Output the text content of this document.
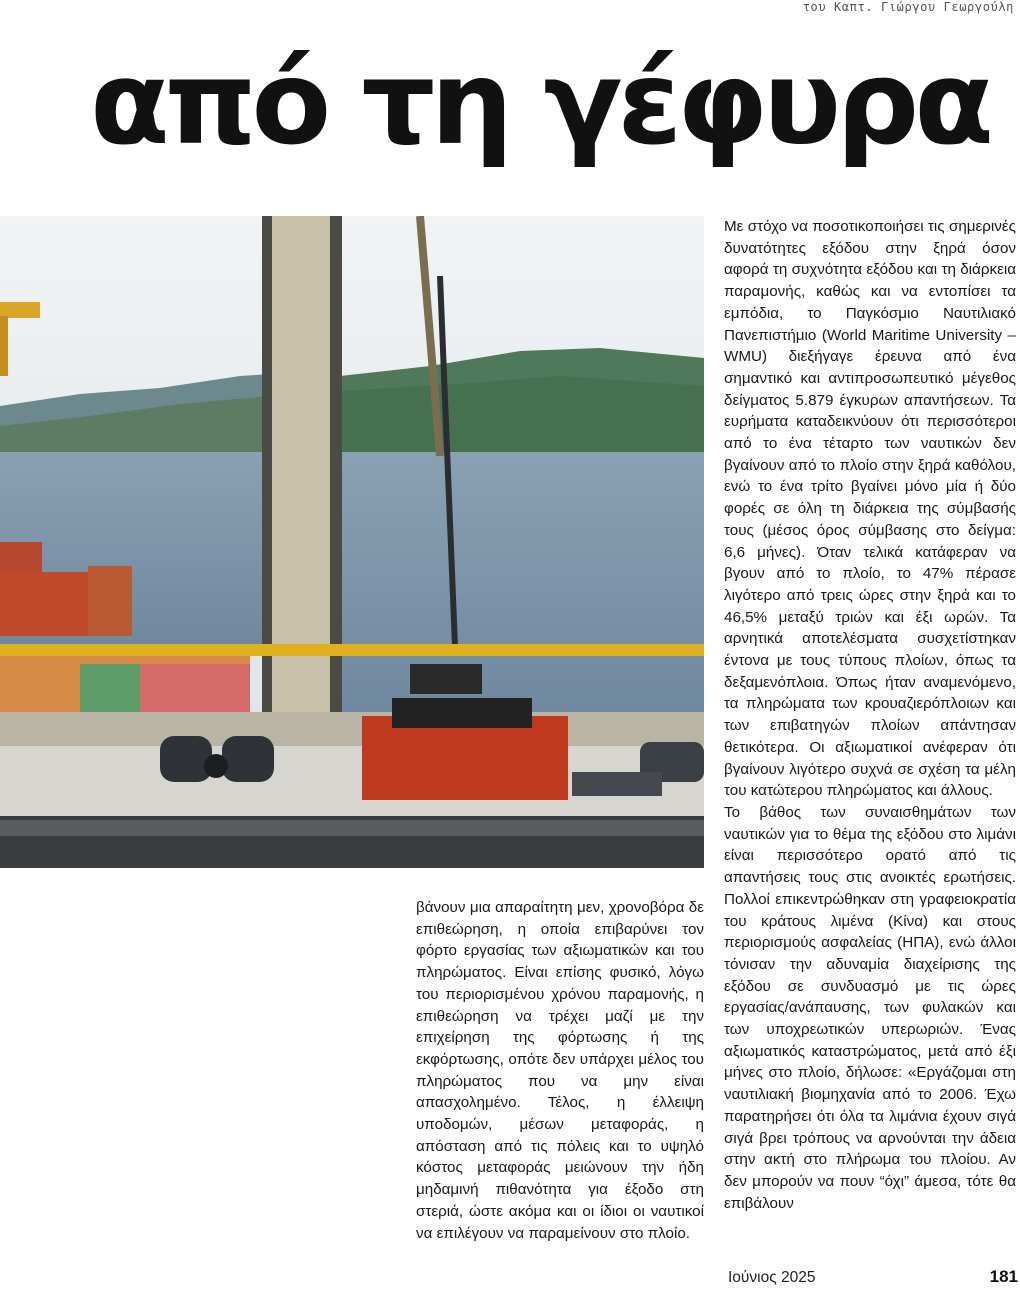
του Καπτ. Γιώργου Γεωργούλη
από τη γέφυρα

Με στόχο να ποσοτικοποιήσει τις σημερινές δυνατότητες εξόδου στην ξηρά όσον αφορά τη συχνότητα εξόδου και τη διάρκεια παραμονής, καθώς και να εντοπίσει τα εμπόδια, το Παγκόσμιο Ναυτιλιακό Πανεπιστήμιο (World Maritime University – WMU) διεξήγαγε έρευνα από ένα σημαντικό και αντιπροσωπευτικό μέγεθος δείγματος 5.879 έγκυρων απαντήσεων. Τα ευρήματα καταδεικνύουν ότι περισσότεροι από το ένα τέταρτο των ναυτικών δεν βγαίνουν από το πλοίο στην ξηρά καθόλου, ενώ το ένα τρίτο βγαίνει μόνο μία ή δύο φορές σε όλη τη διάρκεια της σύμβασής τους (μέσος όρος σύμβασης στο δείγμα: 6,6 μήνες). Όταν τελικά κατάφεραν να βγουν από το πλοίο, το 47% πέρασε λιγότερο από τρεις ώρες στην ξηρά και το 46,5% μεταξύ τριών και έξι ωρών. Τα αρνητικά αποτελέσματα συσχετίστηκαν έντονα με τους τύπους πλοίων, όπως τα δεξαμενόπλοια. Όπως ήταν αναμενόμενο, τα πληρώματα των κρουαζιερόπλοιων και των επιβατηγών πλοίων απάντησαν θετικότερα. Οι αξιωματικοί ανέφεραν ότι βγαίνουν λιγότερο συχνά σε σχέση τα μέλη του κατώτερου πληρώματος και άλλους.

Το βάθος των συναισθημάτων των ναυτικών για το θέμα της εξόδου στο λιμάνι είναι περισσότερο ορατό από τις απαντήσεις τους στις ανοικτές ερωτήσεις. Πολλοί επικεντρώθηκαν στη γραφειοκρατία του κράτους λιμένα (Κίνα) και στους περιορισμούς ασφαλείας (ΗΠΑ), ενώ άλλοι τόνισαν την αδυναμία διαχείρισης της εξόδου σε συνδυασμό με τις ώρες εργασίας/ανάπαυσης, των φυλακών και των υποχρεωτικών υπερωριών. Ένας αξιωματικός καταστρώματος, μετά από έξι μήνες στο πλοίο, δήλωσε: «Εργάζομαι στη ναυτιλιακή βιομηχανία από το 2006. Έχω παρατηρήσει ότι όλα τα λιμάνια έχουν σιγά σιγά βρει τρόπους να αρνούνται την άδεια στην ακτή στο πλήρωμα του πλοίου. Αν δεν μπορούν να πουν “όχι” άμεσα, τότε θα επιβάλουν

βάνουν μια απαραίτητη μεν, χρονοβόρα δε επιθεώρηση, η οποία επιβαρύνει τον φόρτο εργασίας των αξιωματικών και του πληρώματος. Είναι επίσης φυσικό, λόγω του περιορισμένου χρόνου παραμονής, η επιθεώρηση να τρέχει μαζί με την επιχείρηση της φόρτωσης ή της εκφόρτωσης, οπότε δεν υπάρχει μέλος του πληρώματος που να μην είναι απασχολημένο. Τέλος, η έλλειψη υποδομών, μέσων μεταφοράς, η απόσταση από τις πόλεις και το υψηλό κόστος μεταφοράς μειώνουν την ήδη μηδαμινή πιθανότητα για έξοδο στη στεριά, ώστε ακόμα και οι ίδιοι οι ναυτικοί να επιλέγουν να παραμείνουν στο πλοίο.

Ιούνιος 2025	181
